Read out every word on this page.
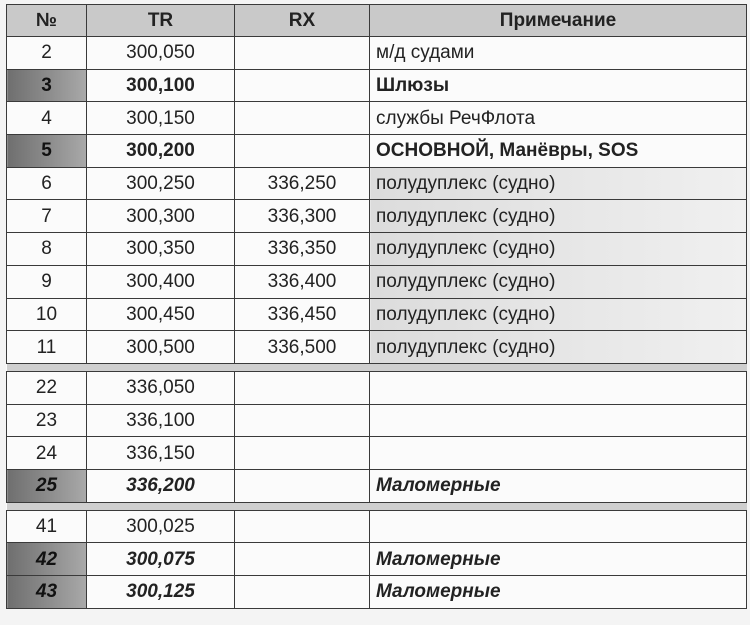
№	TR	RX	Примечание
2	300,050		м/д судами
3	300,100		Шлюзы
4	300,150		службы РечФлота
5	300,200		ОСНОВНОЙ, Манёвры, SOS
6	300,250	336,250	полудуплекс (судно)
7	300,300	336,300	полудуплекс (судно)
8	300,350	336,350	полудуплекс (судно)
9	300,400	336,400	полудуплекс (судно)
10	300,450	336,450	полудуплекс (судно)
11	300,500	336,500	полудуплекс (судно)

22	336,050		
23	336,100		
24	336,150		
25	336,200		Маломерные

41	300,025		
42	300,075		Маломерные
43	300,125		Маломерные
